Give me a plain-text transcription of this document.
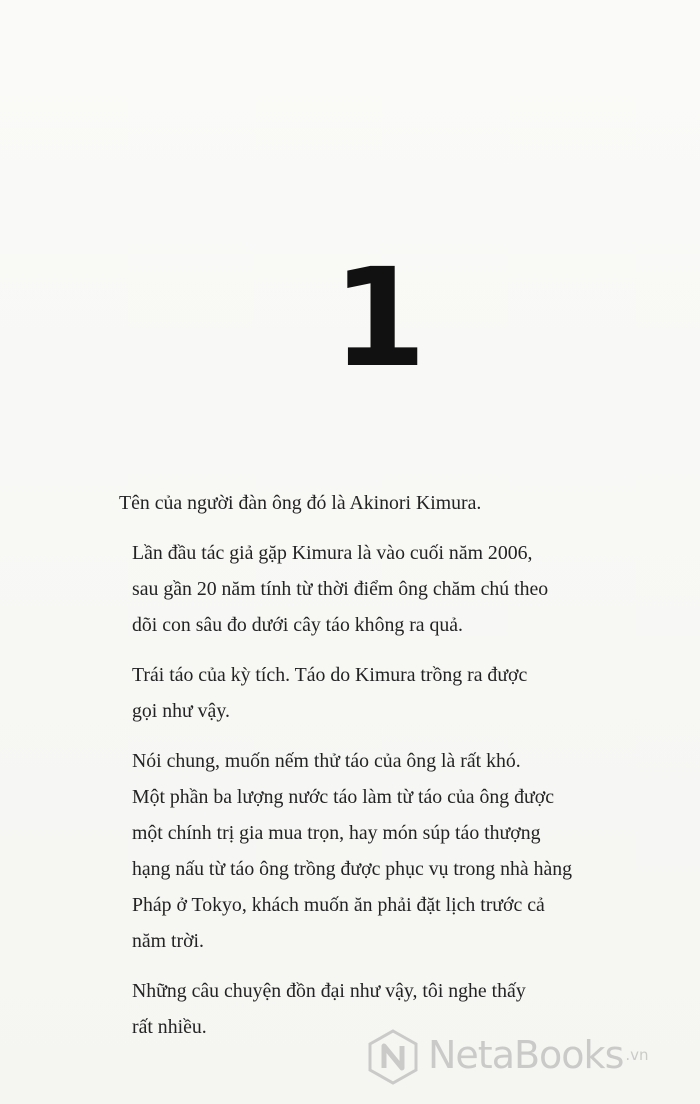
1
Tên của người đàn ông đó là Akinori Kimura.
Lần đầu tác giả gặp Kimura là vào cuối năm 2006,
sau gần 20 năm tính từ thời điểm ông chăm chú theo
dõi con sâu đo dưới cây táo không ra quả.
Trái táo của kỳ tích. Táo do Kimura trồng ra được
gọi như vậy.
Nói chung, muốn nếm thử táo của ông là rất khó.
Một phần ba lượng nước táo làm từ táo của ông được
một chính trị gia mua trọn, hay món súp táo thượng
hạng nấu từ táo ông trồng được phục vụ trong nhà hàng
Pháp ở Tokyo, khách muốn ăn phải đặt lịch trước cả
năm trời.
Những câu chuyện đồn đại như vậy, tôi nghe thấy
rất nhiều.
NetaBooks .vn
